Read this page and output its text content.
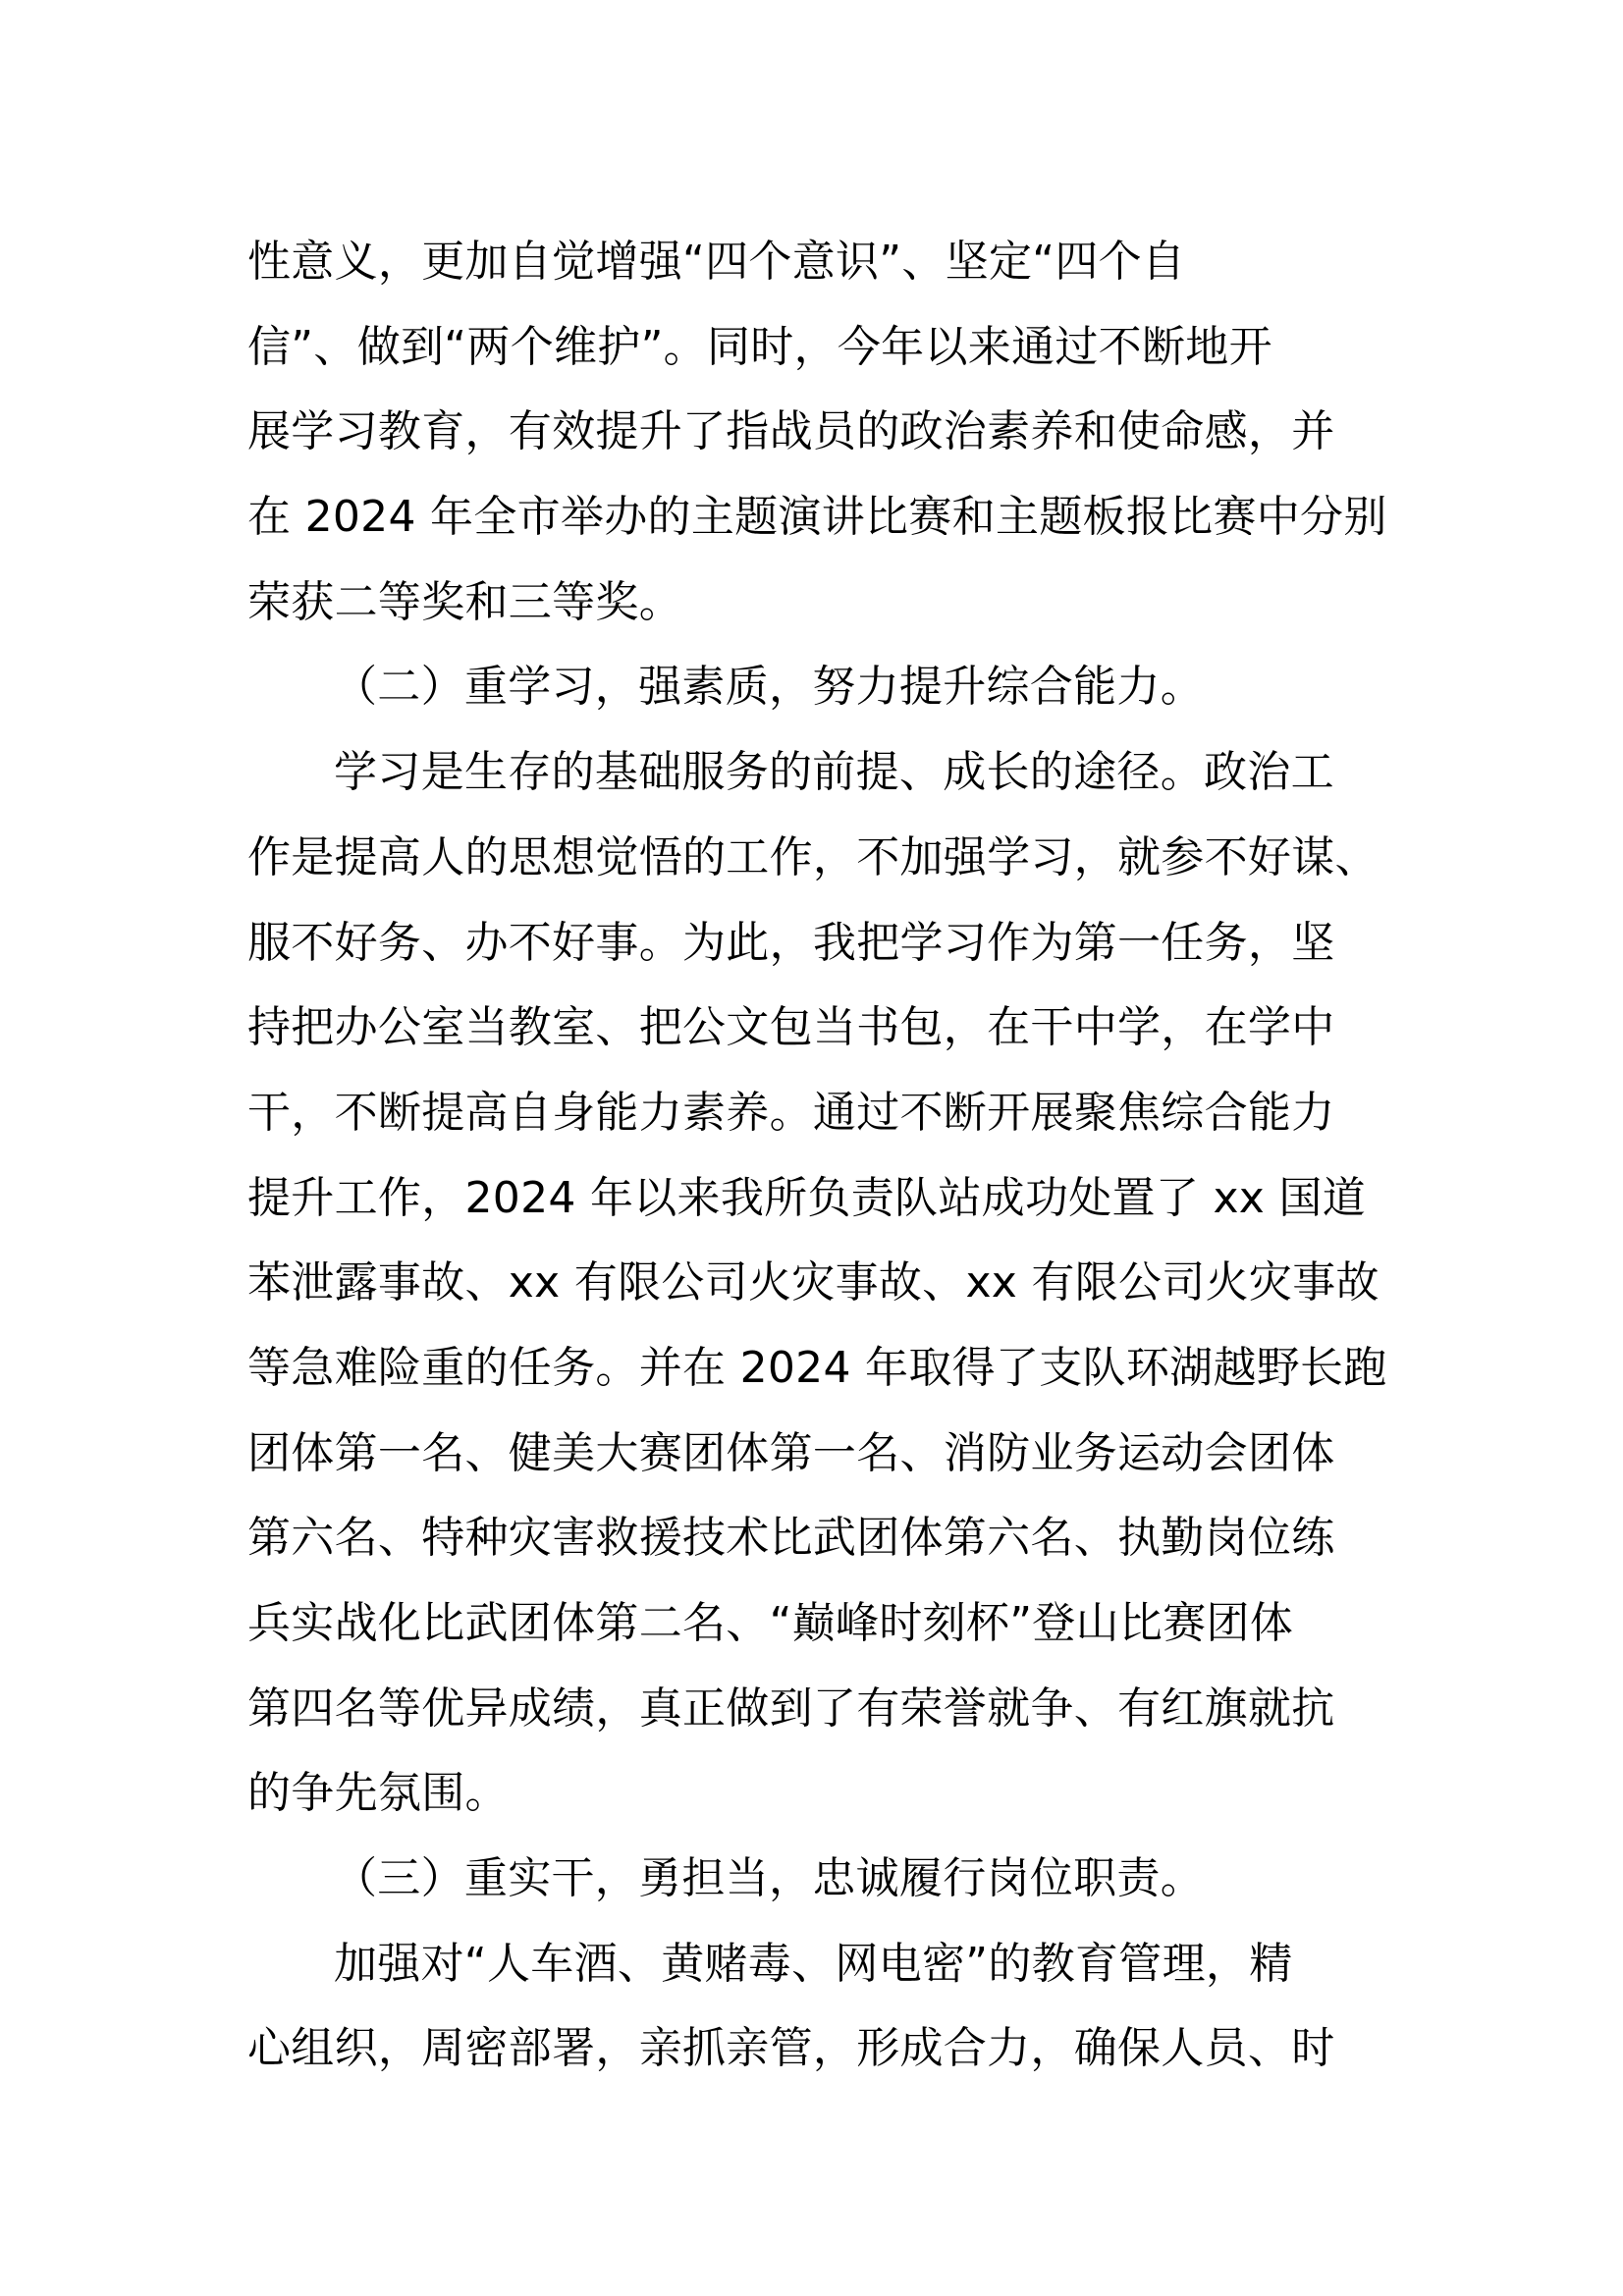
性意义，更加自觉增强“四个意识”、坚定“四个自
信”、做到“两个维护”。同时，今年以来通过不断地开
展学习教育，有效提升了指战员的政治素养和使命感，并
在 2024 年全市举办的主题演讲比赛和主题板报比赛中分别
荣获二等奖和三等奖。
（二）重学习，强素质，努力提升综合能力。
学习是生存的基础服务的前提、成长的途径。政治工
作是提高人的思想觉悟的工作，不加强学习，就参不好谋、
服不好务、办不好事。为此，我把学习作为第一任务，坚
持把办公室当教室、把公文包当书包，在干中学，在学中
干，不断提高自身能力素养。通过不断开展聚焦综合能力
提升工作，2024 年以来我所负责队站成功处置了 xx 国道
苯泄露事故、xx 有限公司火灾事故、xx 有限公司火灾事故
等急难险重的任务。并在 2024 年取得了支队环湖越野长跑
团体第一名、健美大赛团体第一名、消防业务运动会团体
第六名、特种灾害救援技术比武团体第六名、执勤岗位练
兵实战化比武团体第二名、“巅峰时刻杯”登山比赛团体
第四名等优异成绩，真正做到了有荣誉就争、有红旗就抗
的争先氛围。
（三）重实干，勇担当，忠诚履行岗位职责。
加强对“人车酒、黄赌毒、网电密”的教育管理，精
心组织，周密部署，亲抓亲管，形成合力，确保人员、时
